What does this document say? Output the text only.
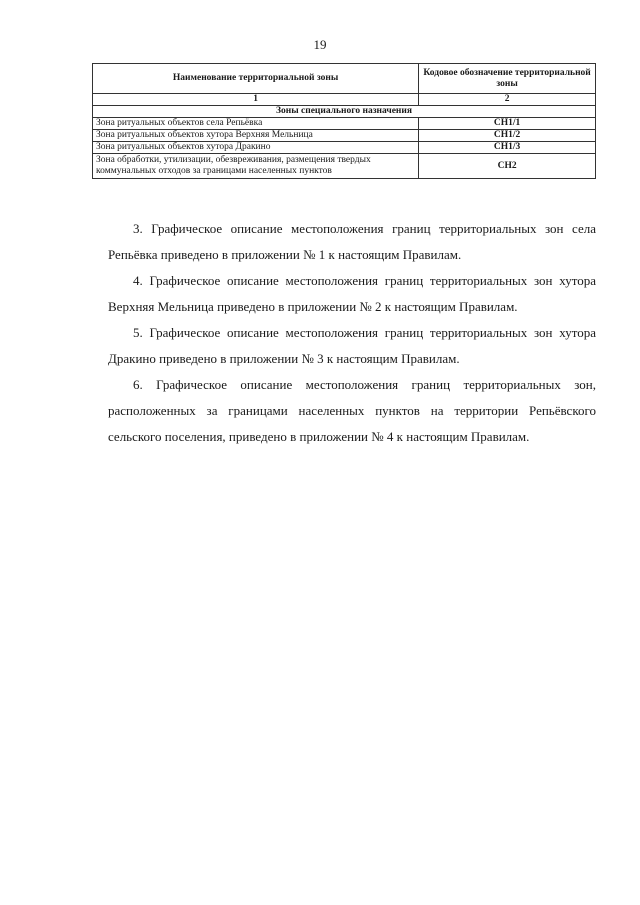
19
Наименование территориальной зоны	Кодовое обозначение территориальной зоны
1	2
Зоны специального назначения	
Зона ритуальных объектов села Репьёвка	СН1/1
Зона ритуальных объектов хутора Верхняя Мельница	СН1/2
Зона ритуальных объектов хутора Дракино	СН1/3
Зона обработки, утилизации, обезвреживания, размещения твердых коммунальных отходов за границами населенных пунктов	СН2

3. Графическое описание местоположения границ территориальных зон села Репьёвка приведено в приложении № 1 к настоящим Правилам.

4. Графическое описание местоположения границ территориальных зон хутора Верхняя Мельница приведено в приложении № 2 к настоящим Правилам.

5. Графическое описание местоположения границ территориальных зон хутора Дракино приведено в приложении № 3 к настоящим Правилам.

6. Графическое описание местоположения границ территориальных зон, расположенных за границами населенных пунктов на территории Репьёвского сельского поселения, приведено в приложении № 4 к настоящим Правилам.
